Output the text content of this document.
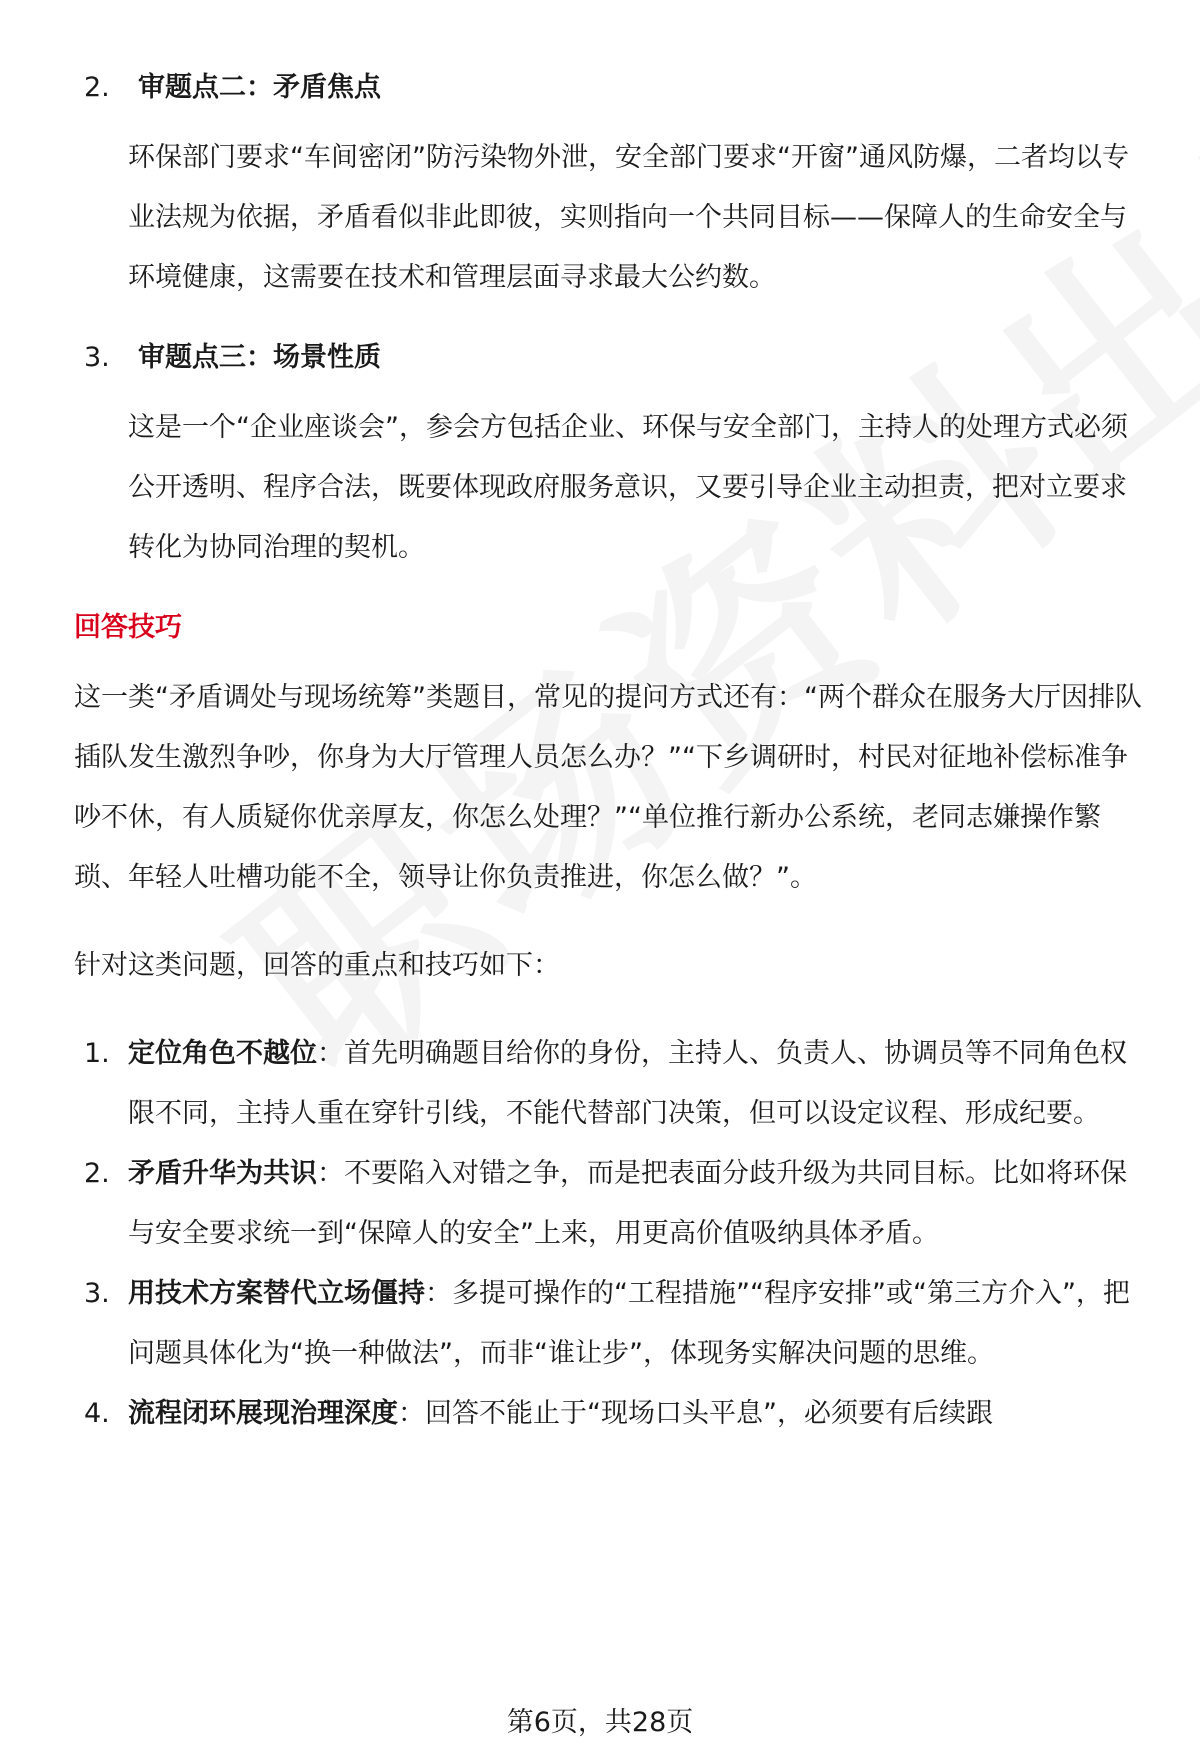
2.	审题点二：矛盾焦点
环保部门要求“车间密闭”防污染物外泄，安全部门要求“开窗”通风防爆，二者均以专业法规为依据，矛盾看似非此即彼，实则指向一个共同目标——保障人的生命安全与环境健康，这需要在技术和管理层面寻求最大公约数。
3.	审题点三：场景性质
这是一个“企业座谈会”，参会方包括企业、环保与安全部门，主持人的处理方式必须公开透明、程序合法，既要体现政府服务意识，又要引导企业主动担责，把对立要求转化为协同治理的契机。
回答技巧
这一类“矛盾调处与现场统筹”类题目，常见的提问方式还有：“两个群众在服务大厅因排队插队发生激烈争吵，你身为大厅管理人员怎么办？”“下乡调研时，村民对征地补偿标准争吵不休，有人质疑你优亲厚友，你怎么处理？”“单位推行新办公系统，老同志嫌操作繁琐、年轻人吐槽功能不全，领导让你负责推进，你怎么做？”。
针对这类问题，回答的重点和技巧如下：
1. 定位角色不越位：首先明确题目给你的身份，主持人、负责人、协调员等不同角色权限不同，主持人重在穿针引线，不能代替部门决策，但可以设定议程、形成纪要。
2. 矛盾升华为共识：不要陷入对错之争，而是把表面分歧升级为共同目标。比如将环保与安全要求统一到“保障人的安全”上来，用更高价值吸纳具体矛盾。
3. 用技术方案替代立场僵持：多提可操作的“工程措施”“程序安排”或“第三方介入”，把问题具体化为“换一种做法”，而非“谁让步”，体现务实解决问题的思维。
4. 流程闭环展现治理深度：回答不能止于“现场口头平息”，必须要有后续跟
第6页，共28页
